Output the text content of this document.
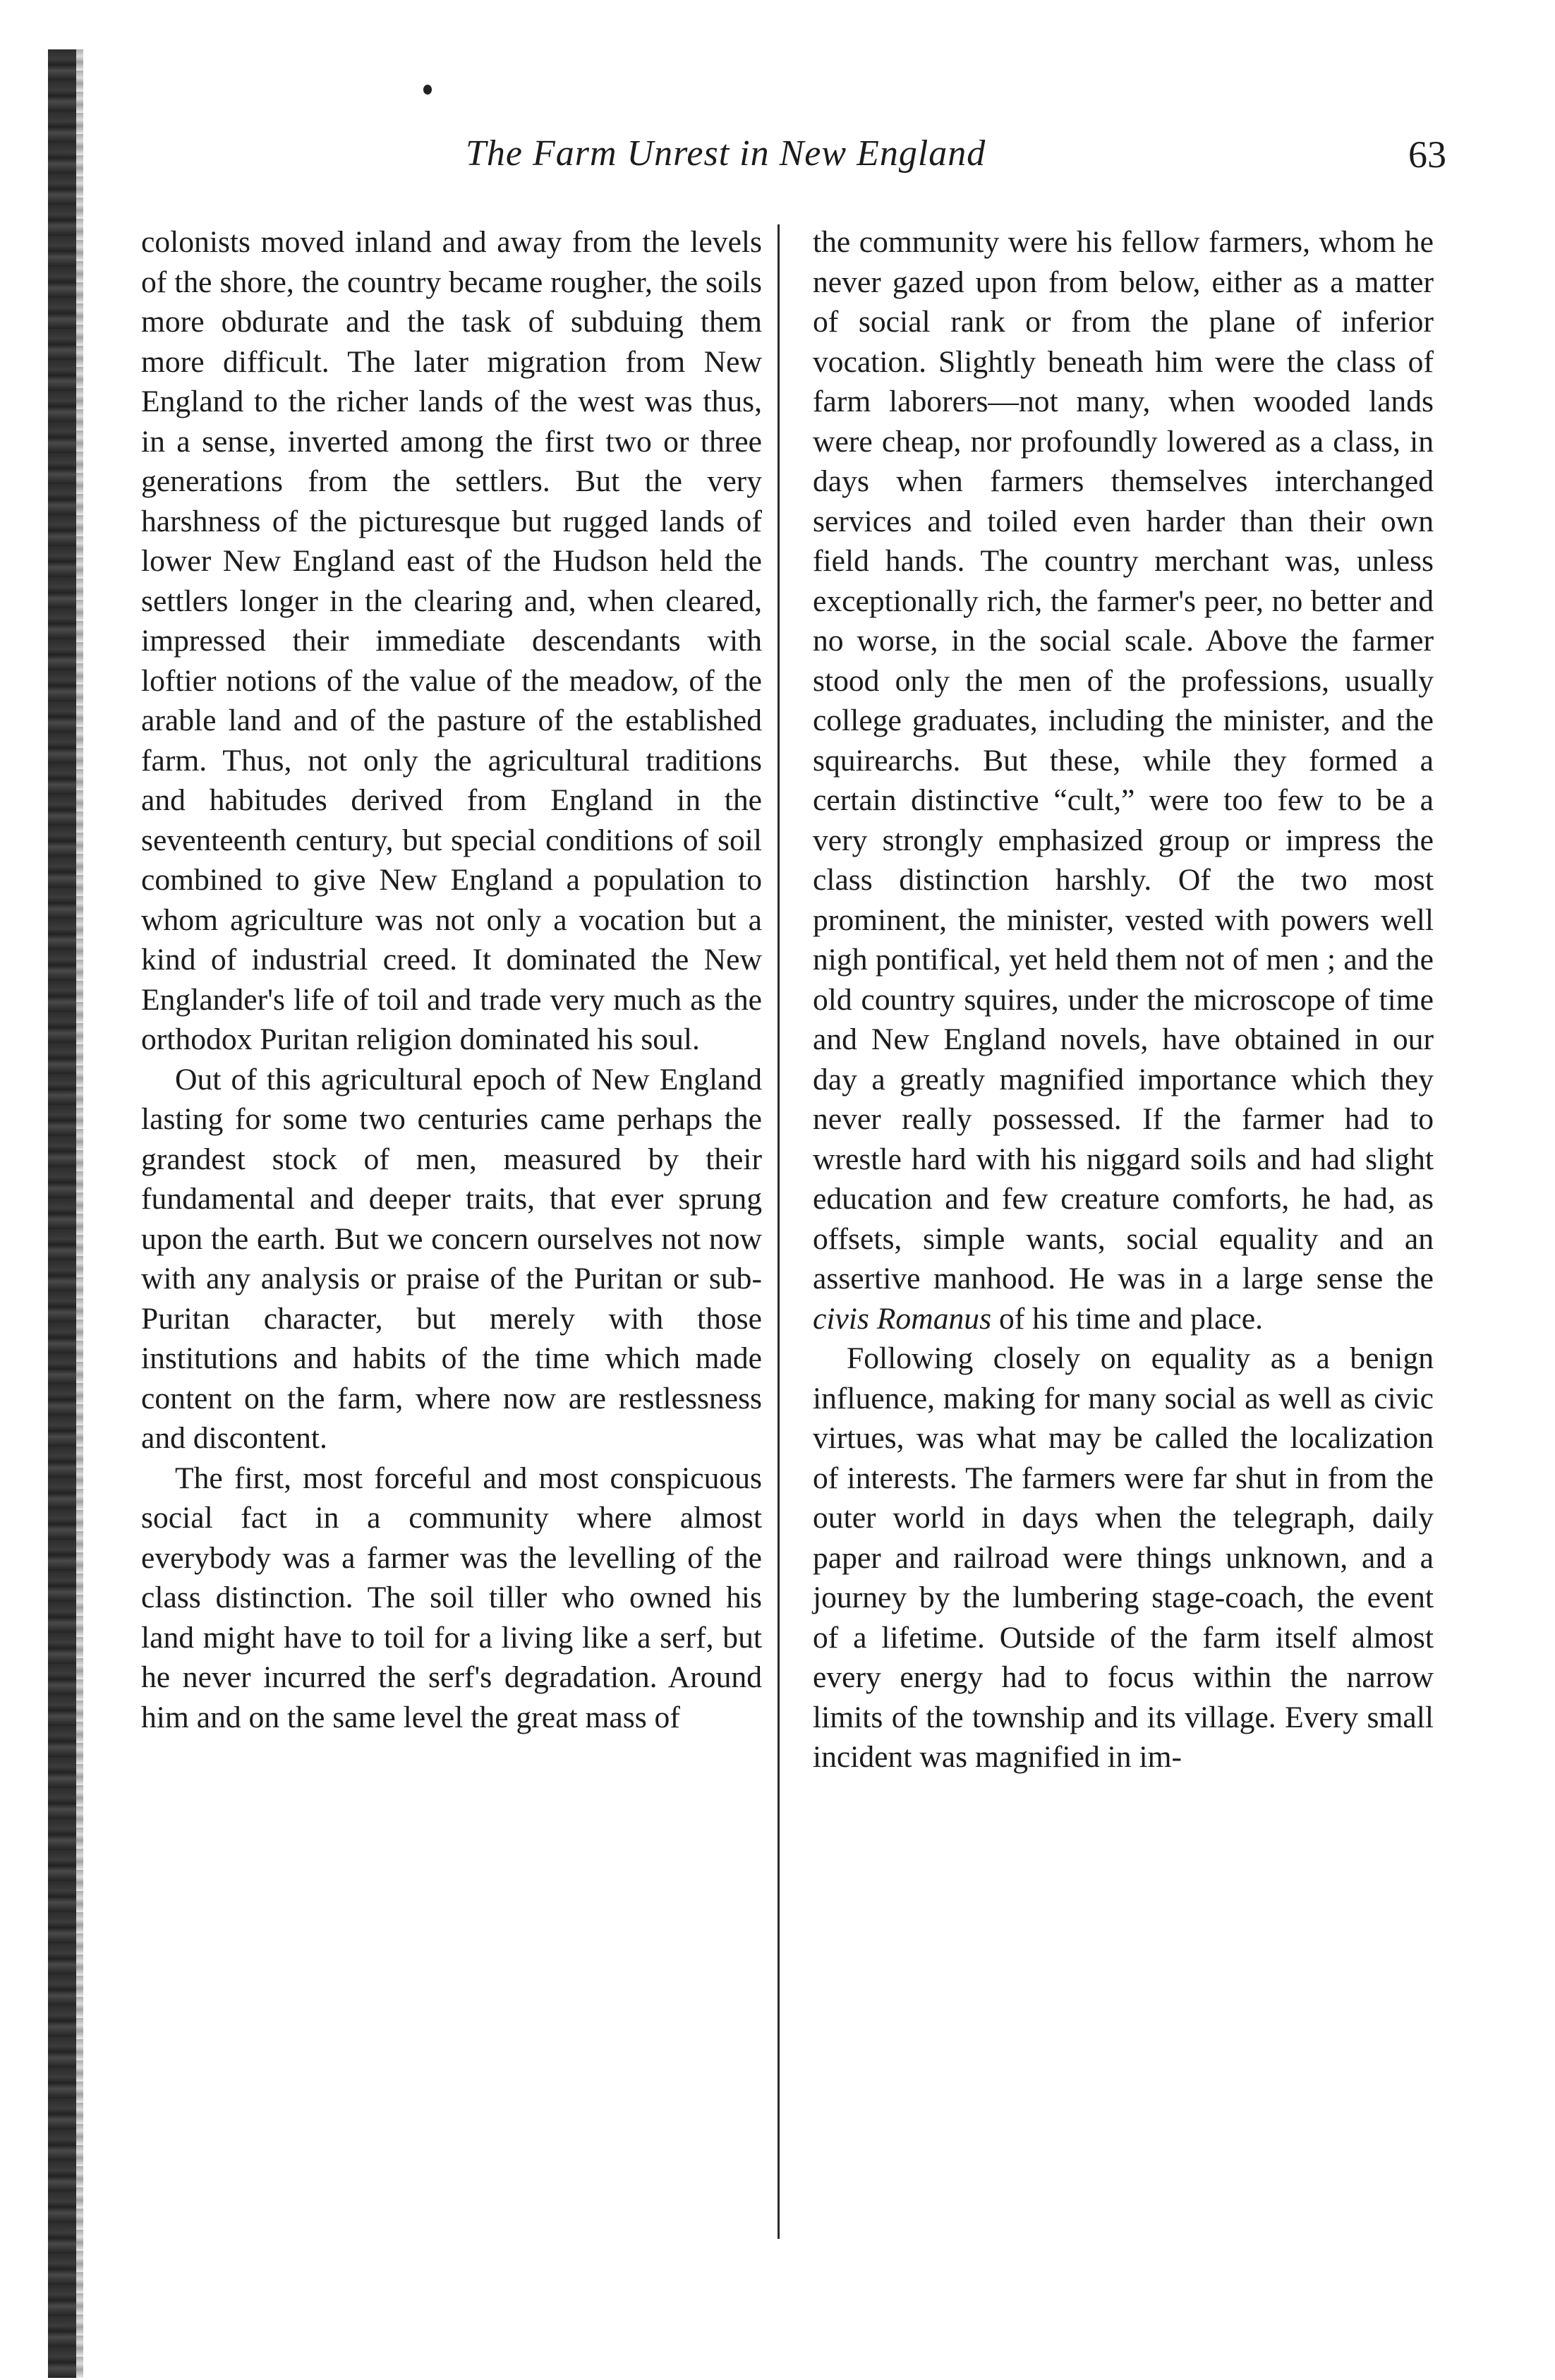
The Farm Unrest in New England	63

colonists moved inland and away from the levels of the shore, the country became rougher, the soils more obdurate and the task of subduing them more difficult. The later migration from New England to the richer lands of the west was thus, in a sense, inverted among the first two or three generations from the settlers. But the very harshness of the picturesque but rugged lands of lower New England east of the Hudson held the settlers longer in the clearing and, when cleared, impressed their immediate descendants with loftier notions of the value of the meadow, of the arable land and of the pasture of the established farm. Thus, not only the agricultural traditions and habitudes derived from England in the seventeenth century, but special conditions of soil combined to give New England a population to whom agriculture was not only a vocation but a kind of industrial creed. It dominated the New Englander's life of toil and trade very much as the orthodox Puritan religion dominated his soul.

Out of this agricultural epoch of New England lasting for some two centuries came perhaps the grandest stock of men, measured by their fundamental and deeper traits, that ever sprung upon the earth. But we concern ourselves not now with any analysis or praise of the Puritan or sub-Puritan character, but merely with those institutions and habits of the time which made content on the farm, where now are restlessness and discontent.

The first, most forceful and most conspicuous social fact in a community where almost everybody was a farmer was the levelling of the class distinction. The soil tiller who owned his land might have to toil for a living like a serf, but he never incurred the serf's degradation. Around him and on the same level the great mass of

the community were his fellow farmers, whom he never gazed upon from below, either as a matter of social rank or from the plane of inferior vocation. Slightly beneath him were the class of farm laborers—not many, when wooded lands were cheap, nor profoundly lowered as a class, in days when farmers themselves interchanged services and toiled even harder than their own field hands. The country merchant was, unless exceptionally rich, the farmer's peer, no better and no worse, in the social scale. Above the farmer stood only the men of the professions, usually college graduates, including the minister, and the squirearchs. But these, while they formed a certain distinctive “cult,” were too few to be a very strongly emphasized group or impress the class distinction harshly. Of the two most prominent, the minister, vested with powers well nigh pontifical, yet held them not of men ; and the old country squires, under the microscope of time and New England novels, have obtained in our day a greatly magnified importance which they never really possessed. If the farmer had to wrestle hard with his niggard soils and had slight education and few creature comforts, he had, as offsets, simple wants, social equality and an assertive manhood. He was in a large sense the civis Romanus of his time and place.

Following closely on equality as a benign influence, making for many social as well as civic virtues, was what may be called the localization of interests. The farmers were far shut in from the outer world in days when the telegraph, daily paper and railroad were things unknown, and a journey by the lumbering stage-coach, the event of a lifetime. Outside of the farm itself almost every energy had to focus within the narrow limits of the township and its village. Every small incident was magnified in im-
